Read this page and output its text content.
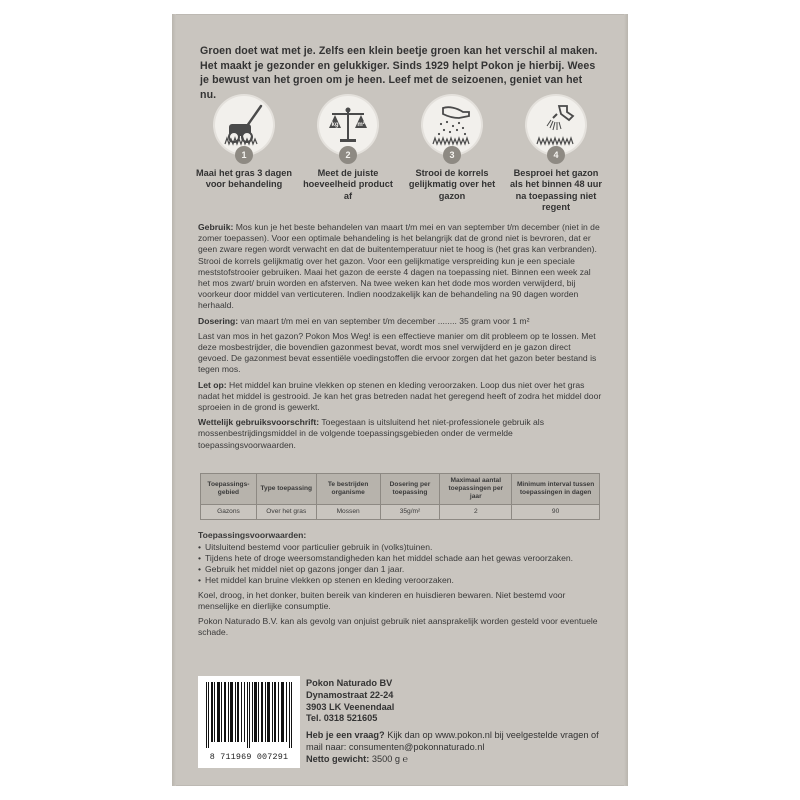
Groen doet wat met je. Zelfs een klein beetje groen kan het verschil al maken. Het maakt je gezonder en gelukkiger. Sinds 1929 helpt Pokon je hierbij. Wees je bewust van het groen om je heen. Leef met de seizoenen, geniet van het nu.
1
Maai het gras 3 dagen voor behandeling
kg	m²
2
Meet de juiste hoeveelheid product af
3
Strooi de korrels gelijkmatig over het gazon
4
Besproei het gazon als het binnen 48 uur na toepassing niet regent

Gebruik: Mos kun je het beste behandelen van maart t/m mei en van september t/m december (niet in de zomer toepassen). Voor een optimale behandeling is het belangrijk dat de grond niet is bevroren, dat er geen zware regen wordt verwacht en dat de buitentemperatuur niet te hoog is (het gras kan verbranden). Strooi de korrels gelijkmatig over het gazon. Voor een gelijkmatige verspreiding kun je een speciale meststofstrooier gebruiken. Maai het gazon de eerste 4 dagen na toepassing niet. Binnen een week zal het mos zwart/ bruin worden en afsterven. Na twee weken kan het dode mos worden verwijderd, bij voorkeur door middel van verticuteren. Indien noodzakelijk kan de behandeling na 90 dagen worden herhaald.

Dosering: van maart t/m mei en van september t/m december ........ 35 gram voor 1 m²

Last van mos in het gazon? Pokon Mos Weg! is een effectieve manier om dit probleem op te lossen. Met deze mosbestrijder, die bovendien gazonmest bevat, wordt mos snel verwijderd en je gazon direct gevoed. De gazonmest bevat essentiële voedingstoffen die ervoor zorgen dat het gazon beter bestand is tegen mos.

Let op: Het middel kan bruine vlekken op stenen en kleding veroorzaken. Loop dus niet over het gras nadat het middel is gestrooid. Je kan het gras betreden nadat het geregend heeft of zodra het middel door sproeien in de grond is gewerkt.

Wettelijk gebruiksvoorschrift: Toegestaan is uitsluitend het niet-professionele gebruik als mossenbestrijdingsmiddel in de volgende toepassingsgebieden onder de vermelde toepassingsvoorwaarden.

Toepassings-gebied	Type toepassing	Te bestrijden organisme	Dosering per toepassing	Maximaal aantal toepassingen per jaar	Minimum interval tussen toepassingen in dagen
Gazons	Over het gras	Mossen	35g/m²	2	90

Toepassingsvoorwaarden:

• Uitsluitend bestemd voor particulier gebruik in (volks)tuinen.
• Tijdens hete of droge weersomstandigheden kan het middel schade aan het gewas veroorzaken.
• Gebruik het middel niet op gazons jonger dan 1 jaar.
• Het middel kan bruine vlekken op stenen en kleding veroorzaken.

Koel, droog, in het donker, buiten bereik van kinderen en huisdieren bewaren. Niet bestemd voor menselijke en dierlijke consumptie.

Pokon Naturado B.V. kan als gevolg van onjuist gebruik niet aansprakelijk worden gesteld voor eventuele schade.

8 711969 007291
Pokon Naturado BV
Dynamostraat 22-24
3903 LK Veenendaal
Tel. 0318 521605
Heb je een vraag? Kijk dan op www.pokon.nl bij veelgestelde vragen of mail naar: consumenten@pokonnaturado.nl
Netto gewicht: 3500 g ℮
